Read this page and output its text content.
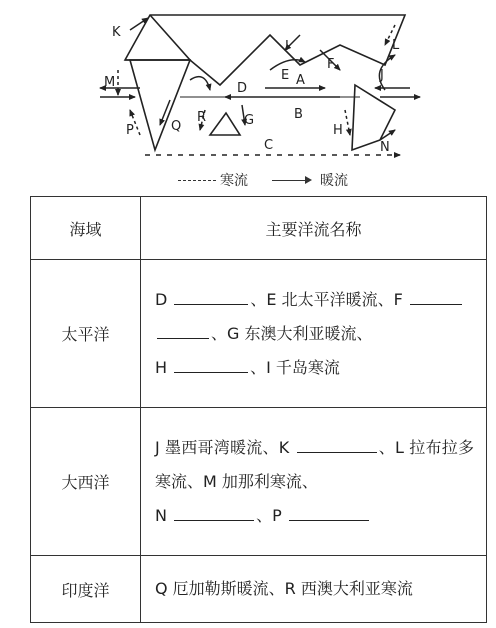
K
M
P	Q
R	G
D
A
B
C
E
I
F
L
J
H
N
寒流	暖流
海域	主要洋流名称
太平洋	D 、E 北太平洋暖流、F
、G 东澳大利亚暖流、
H 、I 千岛寒流
大西洋	J 墨西哥湾暖流、K 、L 拉布拉多寒流、M 加那利寒流、
N 、P
印度洋	Q 厄加勒斯暖流、R 西澳大利亚寒流
